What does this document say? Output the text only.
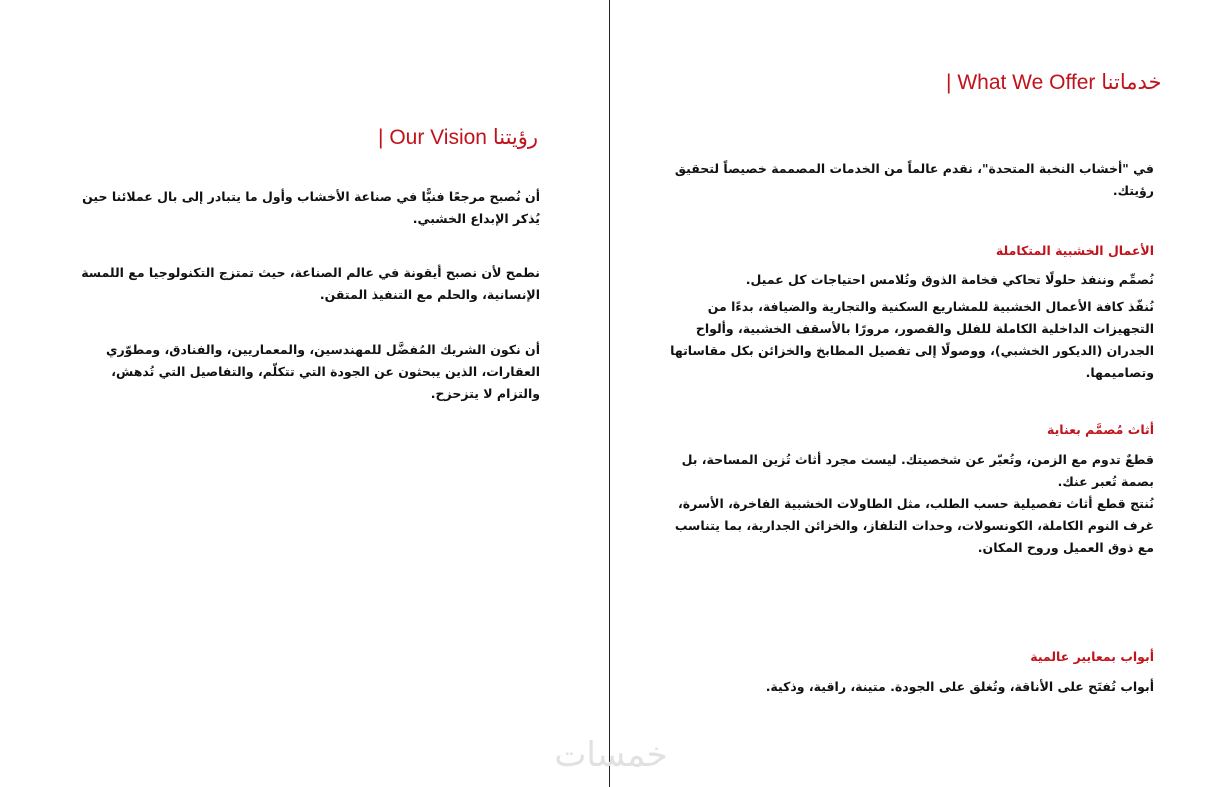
| Our Vision رؤيتنا
أن نُصبح مرجعًا فنيًّا في صناعة الأخشاب وأول ما يتبادر إلى بال عملائنا حين يُذكر الإبداع الخشبي.
نطمح لأن نصبح أيقونة في عالم الصناعة، حيث تمتزج التكنولوجيا مع اللمسة الإنسانية، والحلم مع التنفيذ المتقن.
أن نكون الشريك المُفضَّل للمهندسين، والمعماريين، والفنادق، ومطوّري العقارات، الذين يبحثون عن الجودة التي تتكلّم، والتفاصيل التي تُدهش، والتزام لا يتزحزح.
| What We Offer خدماتنا
في "أخشاب النخبة المتحدة"، نقدم عالماً من الخدمات المصممة خصيصاً لتحقيق رؤيتك.
الأعمال الخشبية المتكاملة
نُصمِّم وننفذ حلولًا تحاكي فخامة الذوق وتُلامس احتياجات كل عميل.
نُنفّذ كافة الأعمال الخشبية للمشاريع السكنية والتجارية والضيافة، بدءًا من التجهيزات الداخلية الكاملة للفلل والقصور، مرورًا بالأسقف الخشبية، وألواح الجدران (الديكور الخشبي)، ووصولًا إلى تفصيل المطابخ والخزائن بكل مقاساتها وتصاميمها.
أثاث مُصمَّم بعناية
قطعٌ تدوم مع الزمن، وتُعبّر عن شخصيتك. ليست مجرد أثاث تُزين المساحة، بل بصمة تُعبر عنك.
نُنتج قطع أثاث تفصيلية حسب الطلب، مثل الطاولات الخشبية الفاخرة، الأسرة، غرف النوم الكاملة، الكونسولات، وحدات التلفاز، والخزائن الجدارية، بما يتناسب مع ذوق العميل وروح المكان.
أبواب بمعايير عالمية
أبواب تُفتَح على الأناقة، وتُغلق على الجودة. متينة، راقية، وذكية.
خمسات
